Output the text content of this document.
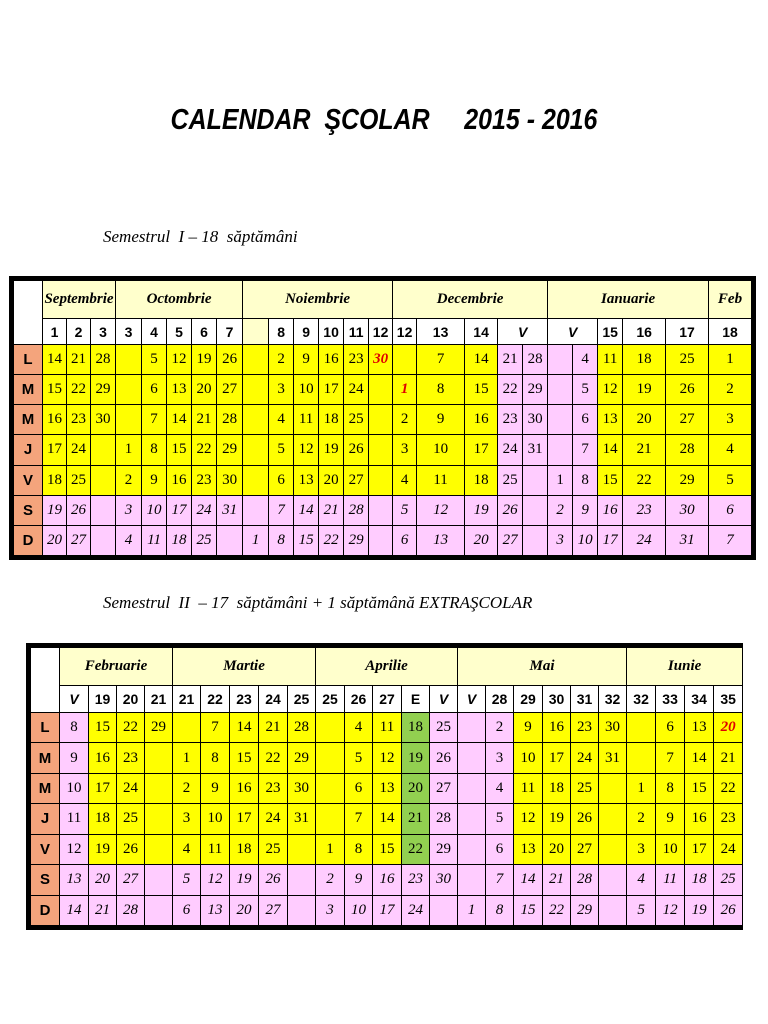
CALENDAR  ŞCOLAR     2015 - 2016
Semestrul  I – 18  săptămâni
	Septembrie			Octombrie					Noiembrie						Decembrie					Ianuarie					Feb
	1	2	3	3	4	5	6	7		8	9	10	11	12	12	13	14	V		V		15	16	17	18
L	14	21	28		5	12	19	26		2	9	16	23	30		7	14	21	28		4	11	18	25	1
M	15	22	29		6	13	20	27		3	10	17	24		1	8	15	22	29		5	12	19	26	2
M	16	23	30		7	14	21	28		4	11	18	25		2	9	16	23	30		6	13	20	27	3
J	17	24		1	8	15	22	29		5	12	19	26		3	10	17	24	31		7	14	21	28	4
V	18	25		2	9	16	23	30		6	13	20	27		4	11	18	25		1	8	15	22	29	5
S	19	26		3	10	17	24	31		7	14	21	28		5	12	19	26		2	9	16	23	30	6
D	20	27		4	11	18	25		1	8	15	22	29		6	13	20	27		3	10	17	24	31	7
Semestrul  II  – 17  săptămâni + 1 săptămână EXTRAŞCOLAR
	Februarie				Martie					Aprilie					Mai						Iunie			
	V	19	20	21	21	22	23	24	25	25	26	27	E	V	V	28	29	30	31	32	32	33	34	35
L	8	15	22	29		7	14	21	28		4	11	18	25		2	9	16	23	30		6	13	20
M	9	16	23		1	8	15	22	29		5	12	19	26		3	10	17	24	31		7	14	21
M	10	17	24		2	9	16	23	30		6	13	20	27		4	11	18	25		1	8	15	22
J	11	18	25		3	10	17	24	31		7	14	21	28		5	12	19	26		2	9	16	23
V	12	19	26		4	11	18	25		1	8	15	22	29		6	13	20	27		3	10	17	24
S	13	20	27		5	12	19	26		2	9	16	23	30		7	14	21	28		4	11	18	25
D	14	21	28		6	13	20	27		3	10	17	24		1	8	15	22	29		5	12	19	26
